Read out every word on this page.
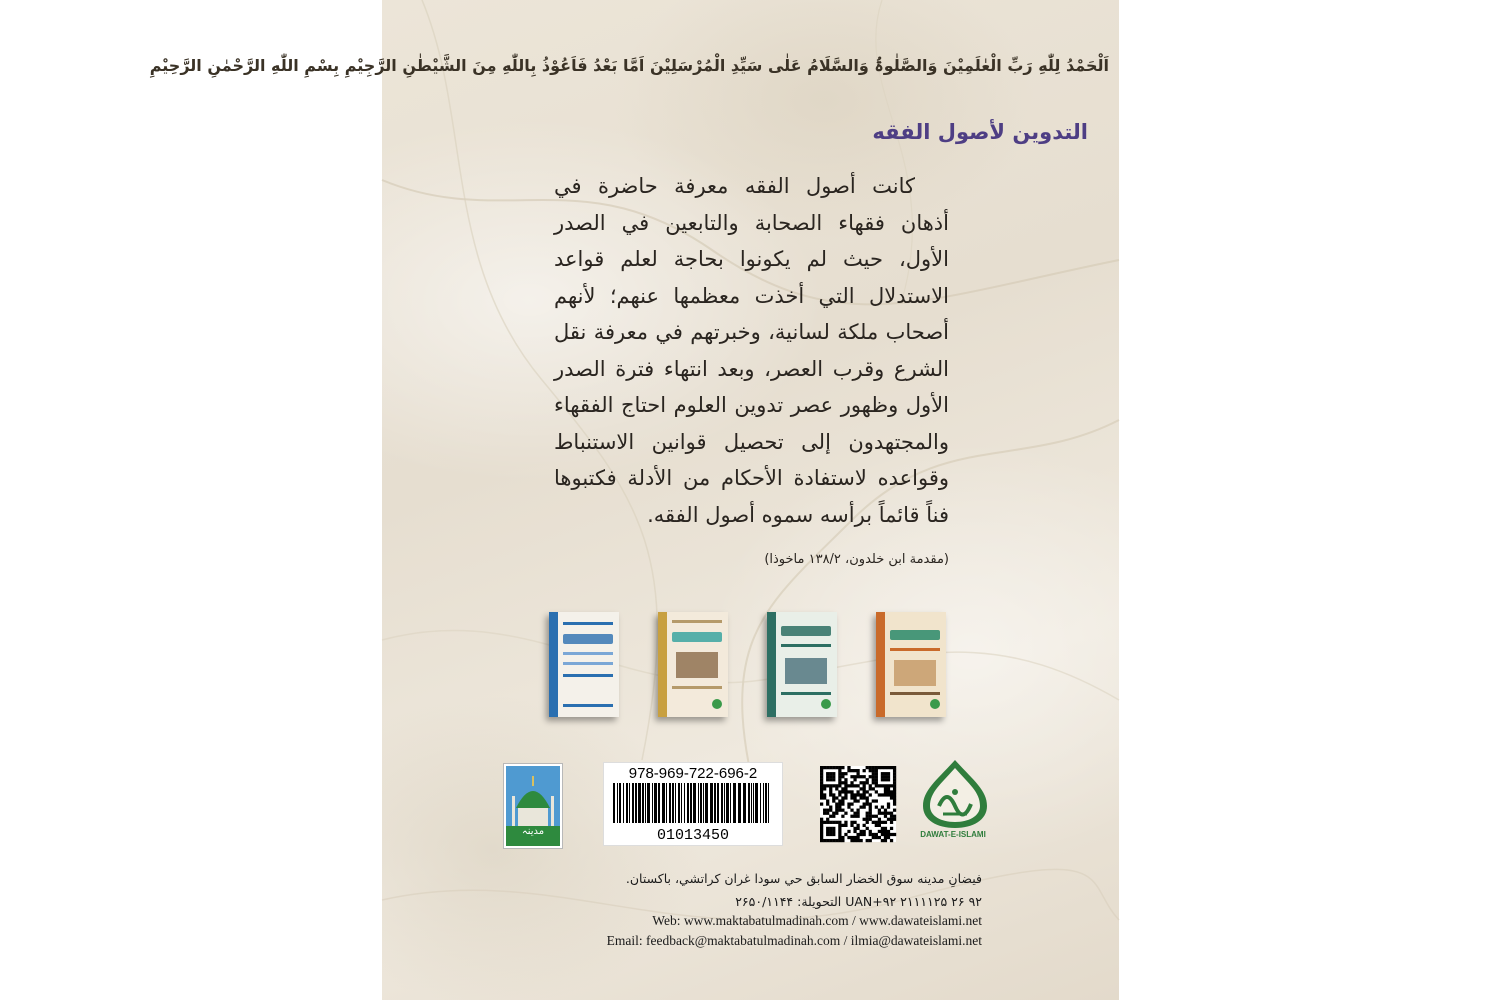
اَلْحَمْدُ لِلّٰهِ رَبِّ الْعٰلَمِیْنَ وَالصَّلٰوۃُ وَالسَّلَامُ عَلٰی سَیِّدِ الْمُرْسَلِیْنَ اَمَّا بَعْدُ فَاَعُوْذُ بِاللّٰهِ مِنَ الشَّیْطٰنِ الرَّجِیْمِ بِسْمِ اللّٰهِ الرَّحْمٰنِ الرَّحِیْمِ
التدوين لأصول الفقه
كانت أصول الفقه معرفة حاضرة في أذهان فقهاء الصحابة والتابعين في الصدر الأول، حيث لم يكونوا بحاجة لعلم قواعد الاستدلال التي أخذت معظمها عنهم؛ لأنهم أصحاب ملكة لسانية، وخبرتهم في معرفة نقل الشرع وقرب العصر، وبعد انتهاء فترة الصدر الأول وظهور عصر تدوين العلوم احتاج الفقهاء والمجتهدون إلى تحصيل قوانين الاستنباط وقواعده لاستفادة الأحكام من الأدلة فكتبوها فناً قائماً برأسه سموه أصول الفقه.
(مقدمة ابن خلدون، ۱۳۸/۲ ماخوذا)
مدینہ
978-969-722-696-2
01013450	DAWAT-E-ISLAMI
فيضانِ مدينه سوق الخضار السابق حي سودا غران كراتشي، باكستان.
۹۲ ۲۶ ۲۱۱۱۱۲۵ UAN+۹۲ التحويلة: ۲۶۵۰/۱۱۴۴
Web: www.maktabatulmadinah.com / www.dawateislami.net
Email: feedback@maktabatulmadinah.com / ilmia@dawateislami.net
